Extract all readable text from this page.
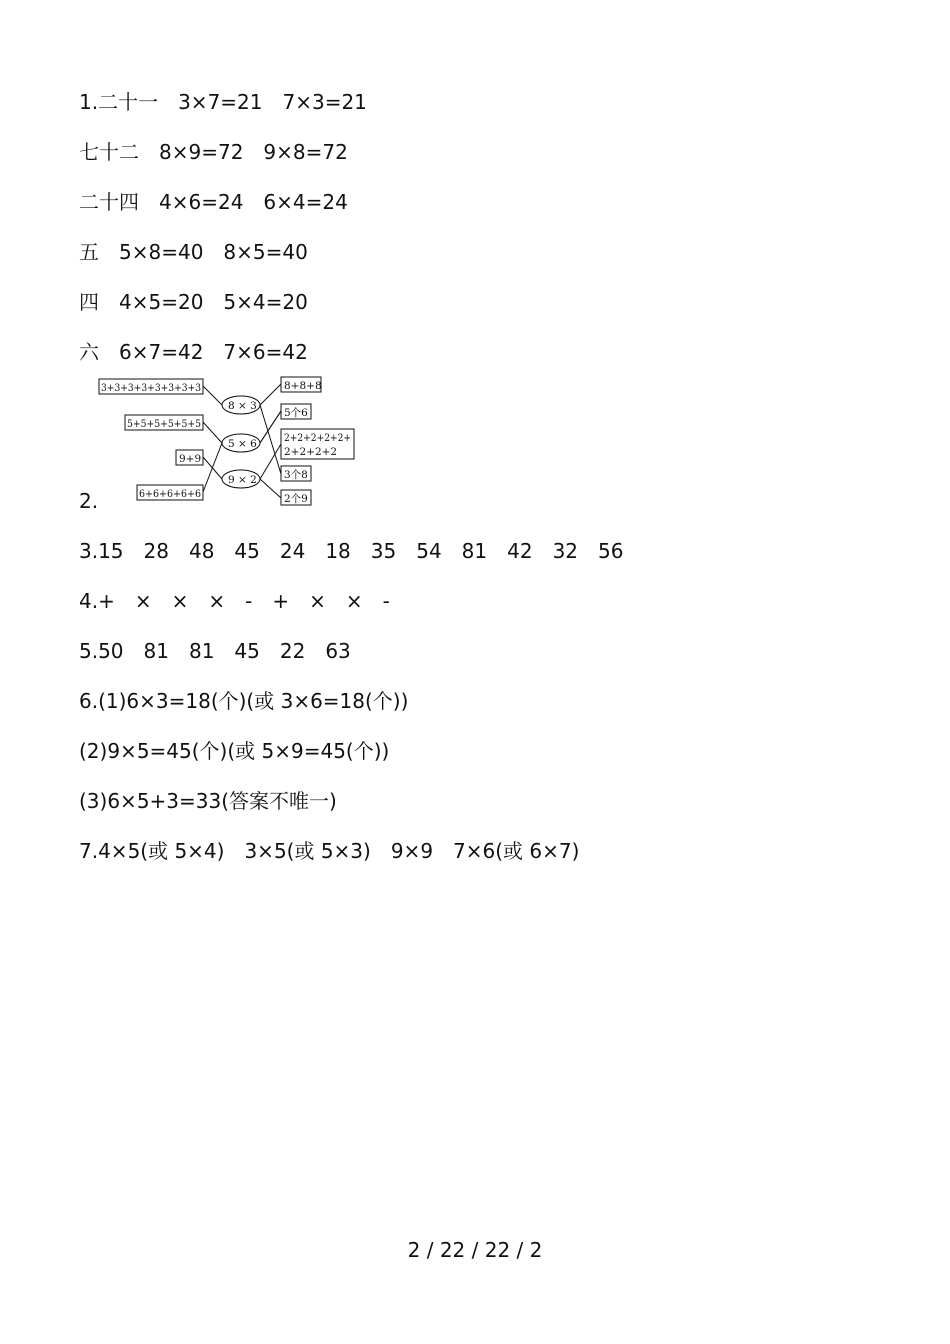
1.二十一　3×7=21　7×3=21
七十二　8×9=72　9×8=72
二十四　4×6=24　6×4=24
五　5×8=40　8×5=40
四　4×5=20　5×4=20
六　6×7=42　7×6=42
3+3+3+3+3+3+3+3
5+5+5+5+5+5
9+9
6+6+6+6+6
8 × 3
5 × 6
9 × 2
8+8+8
5个6
2+2+2+2+2+
2+2+2+2
3个8
2个9
2.
3.15　28　48　45　24　18　35　54　81　42　32　56
4.+　×　×　×　-　+　×　×　-
5.50　81　81　45　22　63
6.(1)6×3=18(个)(或 3×6=18(个))
(2)9×5=45(个)(或 5×9=45(个))
(3)6×5+3=33(答案不唯一)
7.4×5(或 5×4)　3×5(或 5×3)　9×9　7×6(或 6×7)
2 / 22 / 22 / 2
